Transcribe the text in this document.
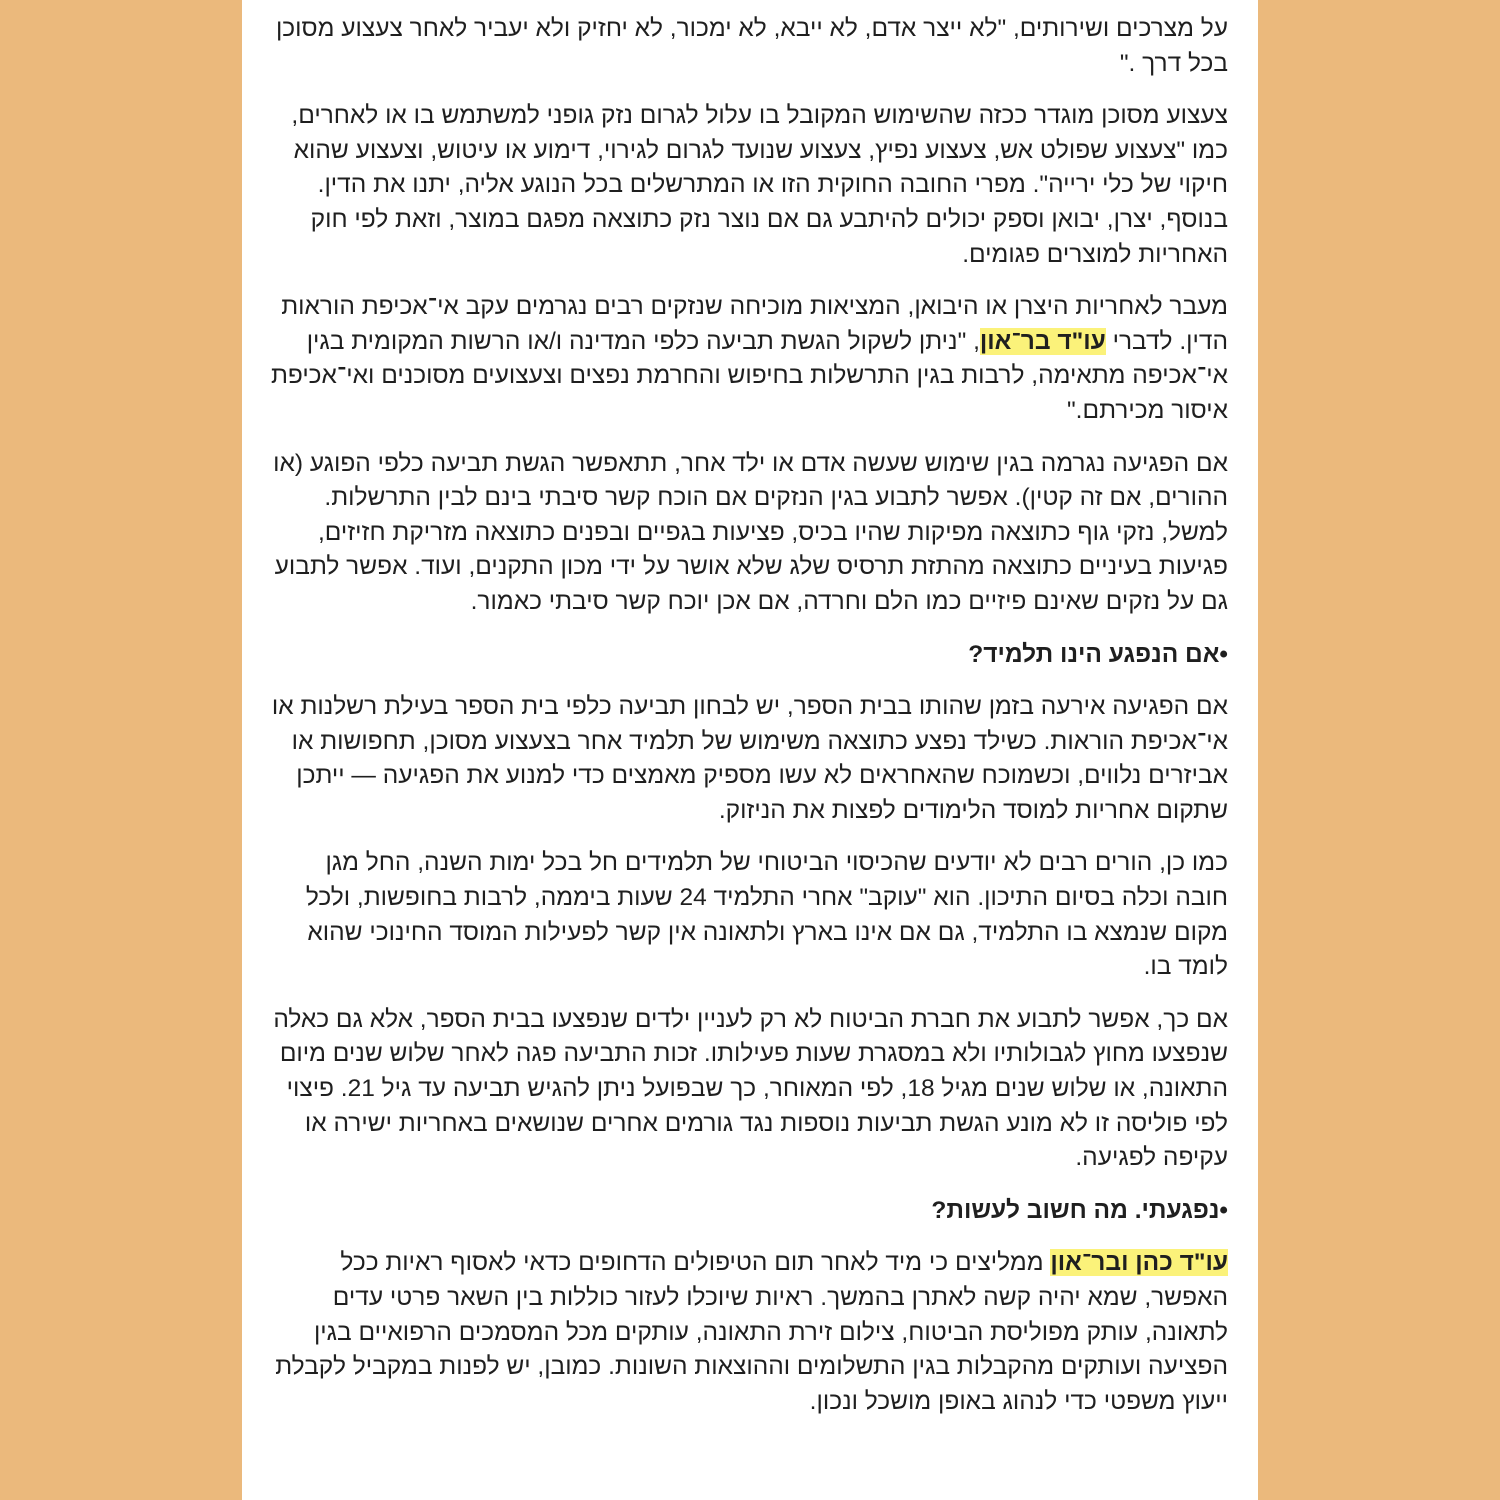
על מצרכים ושירותים, "לא ייצר אדם, לא ייבא, לא ימכור, לא יחזיק ולא יעביר לאחר צעצוע מסוכן בכל דרך ."

צעצוע מסוכן מוגדר ככזה שהשימוש המקובל בו עלול לגרום נזק גופני למשתמש בו או לאחרים, כמו "צעצוע שפולט אש, צעצוע נפיץ, צעצוע שנועד לגרום לגירוי, דימוע או עיטוש, וצעצוע שהוא חיקוי של כלי ירייה". מפרי החובה החוקית הזו או המתרשלים בכל הנוגע אליה, יתנו את הדין. בנוסף, יצרן, יבואן וספק יכולים להיתבע גם אם נוצר נזק כתוצאה מפגם במוצר, וזאת לפי חוק האחריות למוצרים פגומים.

מעבר לאחריות היצרן או היבואן, המציאות מוכיחה שנזקים רבים נגרמים עקב אי־אכיפת הוראות הדין. לדברי עו"ד בר־און, "ניתן לשקול הגשת תביעה כלפי המדינה ו/או הרשות המקומית בגין אי־אכיפה מתאימה, לרבות בגין התרשלות בחיפוש והחרמת נפצים וצעצועים מסוכנים ואי־אכיפת איסור מכירתם."

אם הפגיעה נגרמה בגין שימוש שעשה אדם או ילד אחר, תתאפשר הגשת תביעה כלפי הפוגע (או ההורים, אם זה קטין). אפשר לתבוע בגין הנזקים אם הוכח קשר סיבתי בינם לבין התרשלות. למשל, נזקי גוף כתוצאה מפיקות שהיו בכיס, פציעות בגפיים ובפנים כתוצאה מזריקת חזיזים, פגיעות בעיניים כתוצאה מהתזת תרסיס שלג שלא אושר על ידי מכון התקנים, ועוד. אפשר לתבוע גם על נזקים שאינם פיזיים כמו הלם וחרדה, אם אכן יוכח קשר סיבתי כאמור.

•אם הנפגע הינו תלמיד?

אם הפגיעה אירעה בזמן שהותו בבית הספר, יש לבחון תביעה כלפי בית הספר בעילת רשלנות או אי־אכיפת הוראות. כשילד נפצע כתוצאה משימוש של תלמיד אחר בצעצוע מסוכן, תחפושות או אביזרים נלווים, וכשמוכח שהאחראים לא עשו מספיק מאמצים כדי למנוע את הפגיעה — ייתכן שתקום אחריות למוסד הלימודים לפצות את הניזוק.

כמו כן, הורים רבים לא יודעים שהכיסוי הביטוחי של תלמידים חל בכל ימות השנה, החל מגן חובה וכלה בסיום התיכון. הוא "עוקב" אחרי התלמיד 24 שעות ביממה, לרבות בחופשות, ולכל מקום שנמצא בו התלמיד, גם אם אינו בארץ ולתאונה אין קשר לפעילות המוסד החינוכי שהוא לומד בו.

אם כך, אפשר לתבוע את חברת הביטוח לא רק לעניין ילדים שנפצעו בבית הספר, אלא גם כאלה שנפצעו מחוץ לגבולותיו ולא במסגרת שעות פעילותו. זכות התביעה פגה לאחר שלוש שנים מיום התאונה, או שלוש שנים מגיל 18, לפי המאוחר, כך שבפועל ניתן להגיש תביעה עד גיל 21. פיצוי לפי פוליסה זו לא מונע הגשת תביעות נוספות נגד גורמים אחרים שנושאים באחריות ישירה או עקיפה לפגיעה.

•נפגעתי. מה חשוב לעשות?

עו"ד כהן ובר־און ממליצים כי מיד לאחר תום הטיפולים הדחופים כדאי לאסוף ראיות ככל האפשר, שמא יהיה קשה לאתרן בהמשך. ראיות שיוכלו לעזור כוללות בין השאר פרטי עדים לתאונה, עותק מפוליסת הביטוח, צילום זירת התאונה, עותקים מכל המסמכים הרפואיים בגין הפציעה ועותקים מהקבלות בגין התשלומים וההוצאות השונות. כמובן, יש לפנות במקביל לקבלת ייעוץ משפטי כדי לנהוג באופן מושכל ונכון.
